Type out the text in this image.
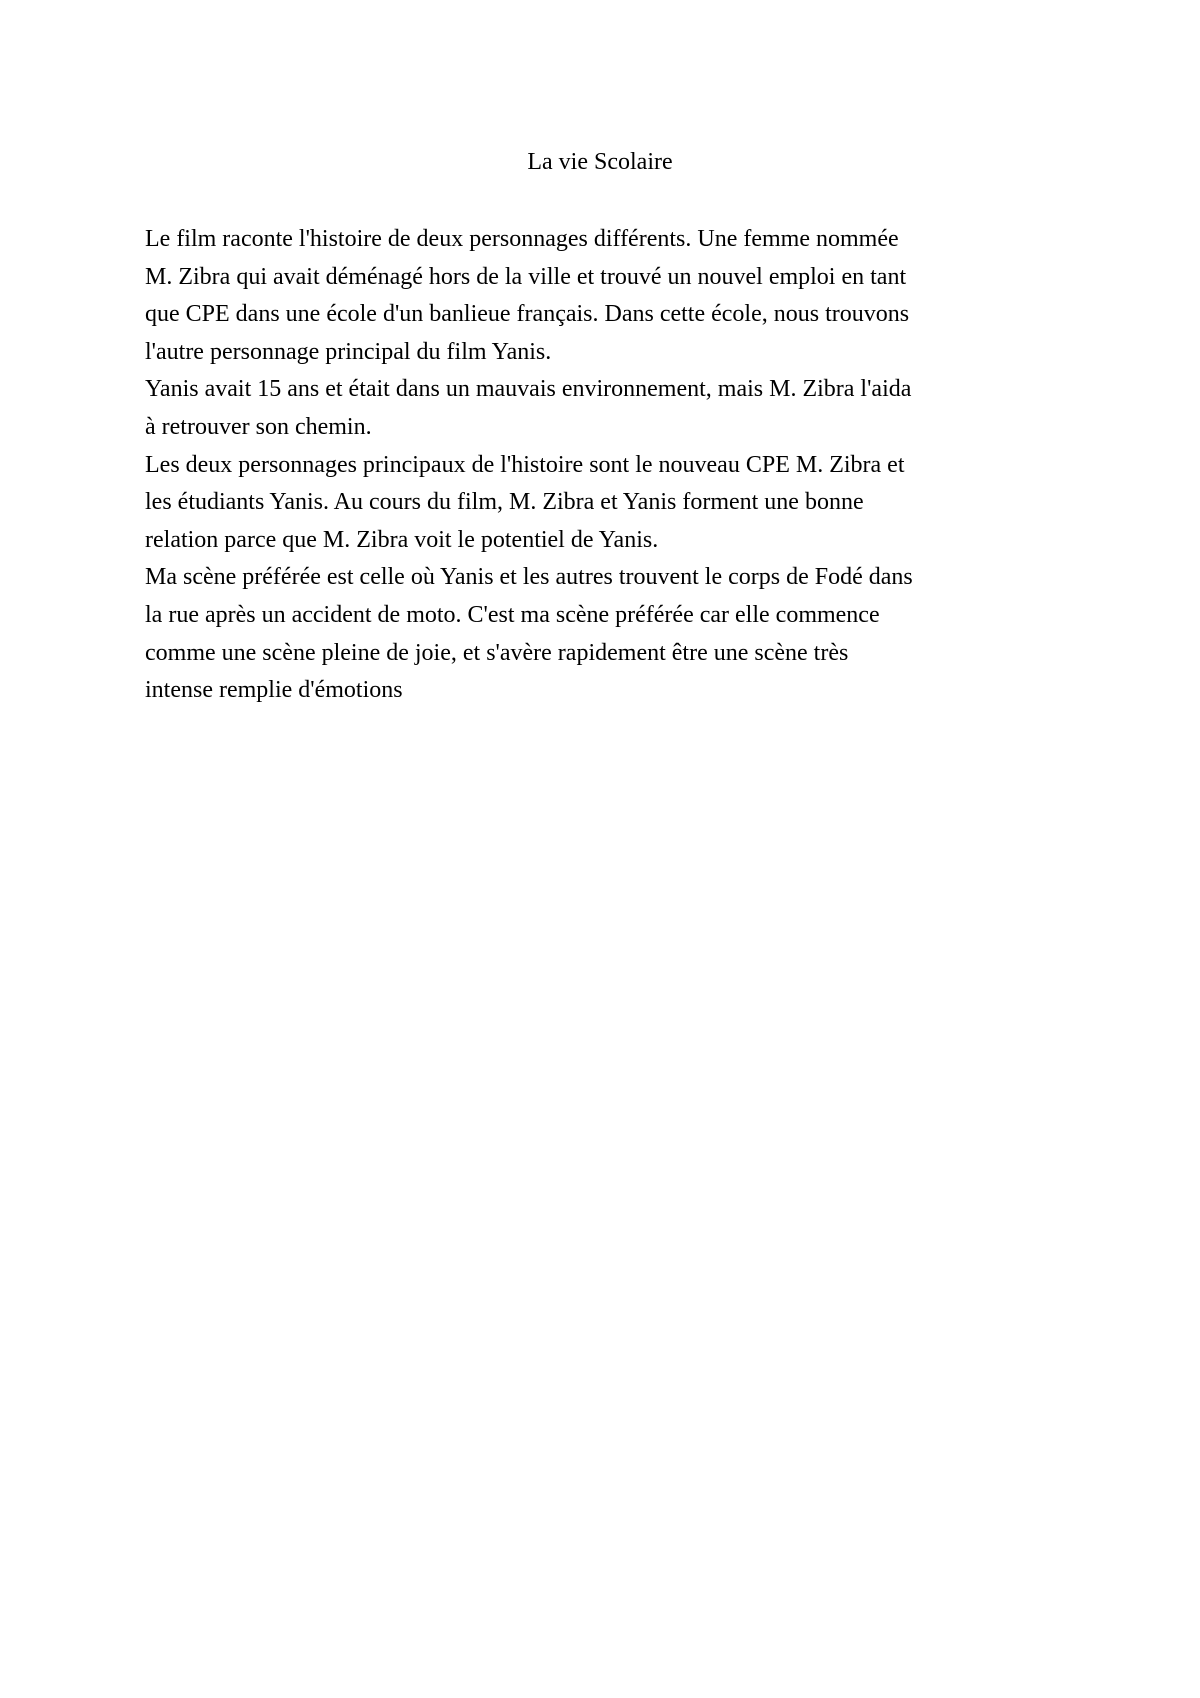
La vie Scolaire

Le film raconte l'histoire de deux personnages différents. Une femme nommée

M. Zibra qui avait déménagé hors de la ville et trouvé un nouvel emploi en tant

que CPE dans une école d'un banlieue français. Dans cette école, nous trouvons

l'autre personnage principal du film Yanis.

Yanis avait 15 ans et était dans un mauvais environnement, mais M. Zibra l'aida

à retrouver son chemin.

Les deux personnages principaux de l'histoire sont le nouveau CPE M. Zibra et

les étudiants Yanis. Au cours du film, M. Zibra et Yanis forment une bonne

relation parce que M. Zibra voit le potentiel de Yanis.

Ma scène préférée est celle où Yanis et les autres trouvent le corps de Fodé dans

la rue après un accident de moto. C'est ma scène préférée car elle commence

comme une scène pleine de joie, et s'avère rapidement être une scène très

intense remplie d'émotions
